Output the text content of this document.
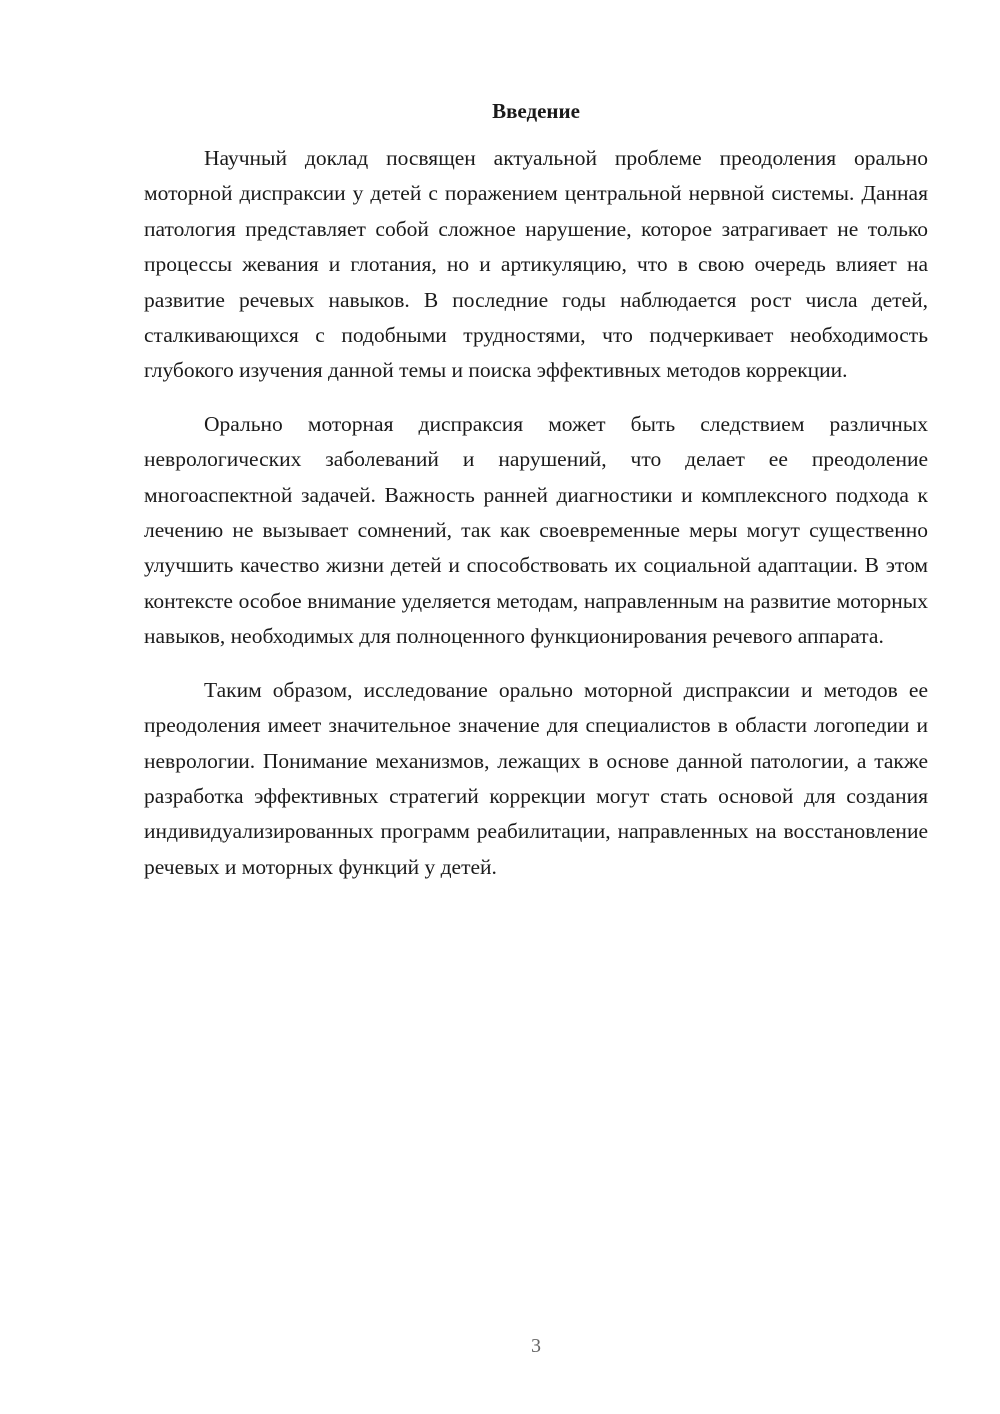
Введение

Научный доклад посвящен актуальной проблеме преодоления орально моторной диспраксии у детей с поражением центральной нервной системы. Данная патология представляет собой сложное нарушение, которое затрагивает не только процессы жевания и глотания, но и артикуляцию, что в свою очередь влияет на развитие речевых навыков. В последние годы наблюдается рост числа детей, сталкивающихся с подобными трудностями, что подчеркивает необходимость глубокого изучения данной темы и поиска эффективных методов коррекции.

Орально моторная диспраксия может быть следствием различных неврологических заболеваний и нарушений, что делает ее преодоление многоаспектной задачей. Важность ранней диагностики и комплексного подхода к лечению не вызывает сомнений, так как своевременные меры могут существенно улучшить качество жизни детей и способствовать их социальной адаптации. В этом контексте особое внимание уделяется методам, направленным на развитие моторных навыков, необходимых для полноценного функционирования речевого аппарата.

Таким образом, исследование орально моторной диспраксии и методов ее преодоления имеет значительное значение для специалистов в области логопедии и неврологии. Понимание механизмов, лежащих в основе данной патологии, а также разработка эффективных стратегий коррекции могут стать основой для создания индивидуализированных программ реабилитации, направленных на восстановление речевых и моторных функций у детей.

3
